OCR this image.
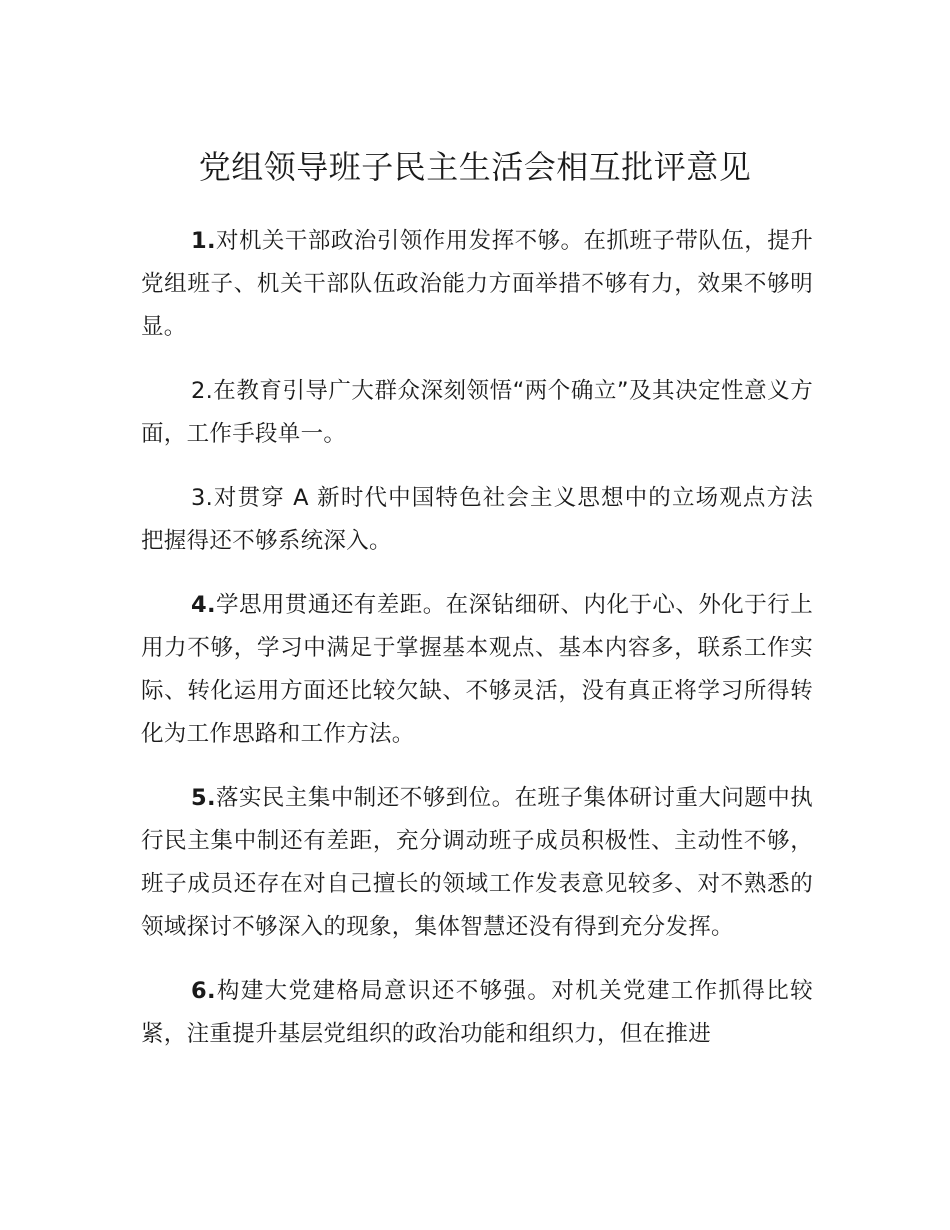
党组领导班子民主生活会相互批评意见

1.对机关干部政治引领作用发挥不够。在抓班子带队伍，提升党组班子、机关干部队伍政治能力方面举措不够有力，效果不够明显。

2.在教育引导广大群众深刻领悟“两个确立”及其决定性意义方面，工作手段单一。

3.对贯穿 A 新时代中国特色社会主义思想中的立场观点方法把握得还不够系统深入。

4.学思用贯通还有差距。在深钻细研、内化于心、外化于行上用力不够，学习中满足于掌握基本观点、基本内容多，联系工作实际、转化运用方面还比较欠缺、不够灵活，没有真正将学习所得转化为工作思路和工作方法。

5.落实民主集中制还不够到位。在班子集体研讨重大问题中执行民主集中制还有差距，充分调动班子成员积极性、主动性不够，班子成员还存在对自己擅长的领域工作发表意见较多、对不熟悉的领域探讨不够深入的现象，集体智慧还没有得到充分发挥。

6.构建大党建格局意识还不够强。对机关党建工作抓得比较紧，注重提升基层党组织的政治功能和组织力，但在推进
